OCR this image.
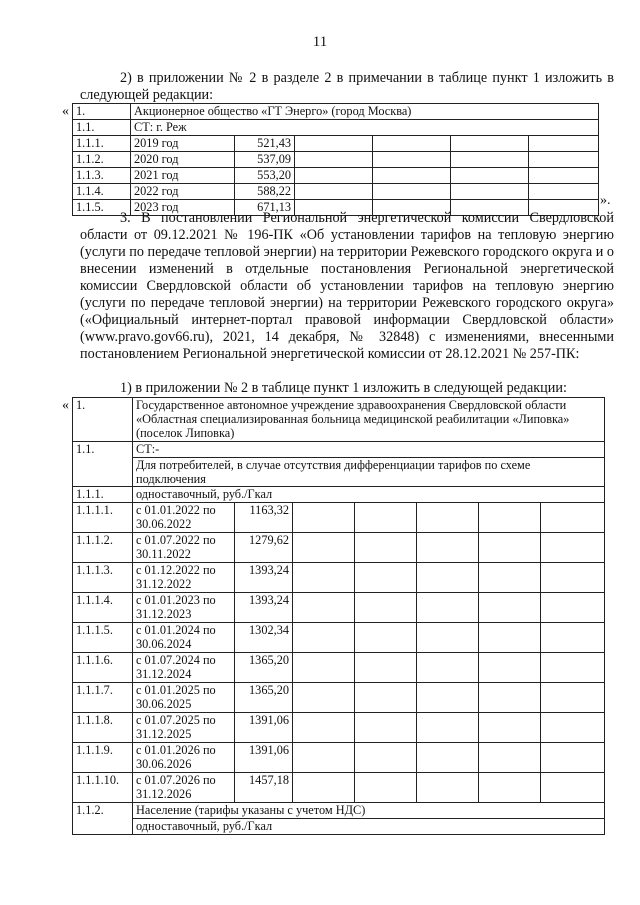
11

2) в приложении № 2 в разделе 2 в примечании в таблице пункт 1 изложить в следующей редакции:

« 1.	Акционерное общество «ГТ Энерго» (город Москва)					
1.1.	СТ: г. Реж					
1.1.1.	2019 год	521,43				
1.1.2.	2020 год	537,09				
1.1.3.	2021 год	553,20				
1.1.4.	2022 год	588,22				
1.1.5.	2023 год	671,13					».

3. В постановлении Региональной энергетической комиссии Свердловской области от 09.12.2021 № 196-ПК «Об установлении тарифов на тепловую энергию (услуги по передаче тепловой энергии) на территории Режевского городского округа и о внесении изменений в отдельные постановления Региональной энергетической комиссии Свердловской области об установлении тарифов на тепловую энергию (услуги по передаче тепловой энергии) на территории Режевского городского округа» («Официальный интернет-портал правовой информации Свердловской области» (www.pravo.gov66.ru), 2021, 14 декабря, № 32848) с изменениями, внесенными постановлением Региональной энергетической комиссии от 28.12.2021 № 257-ПК:

1) в приложении № 2 в таблице пункт 1 изложить в следующей редакции:

« 1.	Государственное автономное учреждение здравоохранения Свердловской области «Областная специализированная больница медицинской реабилитации «Липовка» (поселок Липовка)						
1.1.	СТ:-						
	Для потребителей, в случае отсутствия дифференциации тарифов по схеме подключения						
1.1.1.	одноставочный, руб./Гкал						
1.1.1.1.	с 01.01.2022 по 30.06.2022	1163,32					
1.1.1.2.	с 01.07.2022 по 30.11.2022	1279,62					
1.1.1.3.	с 01.12.2022 по 31.12.2022	1393,24					
1.1.1.4.	с 01.01.2023 по 31.12.2023	1393,24					
1.1.1.5.	с 01.01.2024 по 30.06.2024	1302,34					
1.1.1.6.	с 01.07.2024 по 31.12.2024	1365,20					
1.1.1.7.	с 01.01.2025 по 30.06.2025	1365,20					
1.1.1.8.	с 01.07.2025 по 31.12.2025	1391,06					
1.1.1.9.	с 01.01.2026 по 30.06.2026	1391,06					
1.1.1.10.	с 01.07.2026 по 31.12.2026	1457,18					
1.1.2.	Население (тарифы указаны с учетом НДС)						
	одноставочный, руб./Гкал						
